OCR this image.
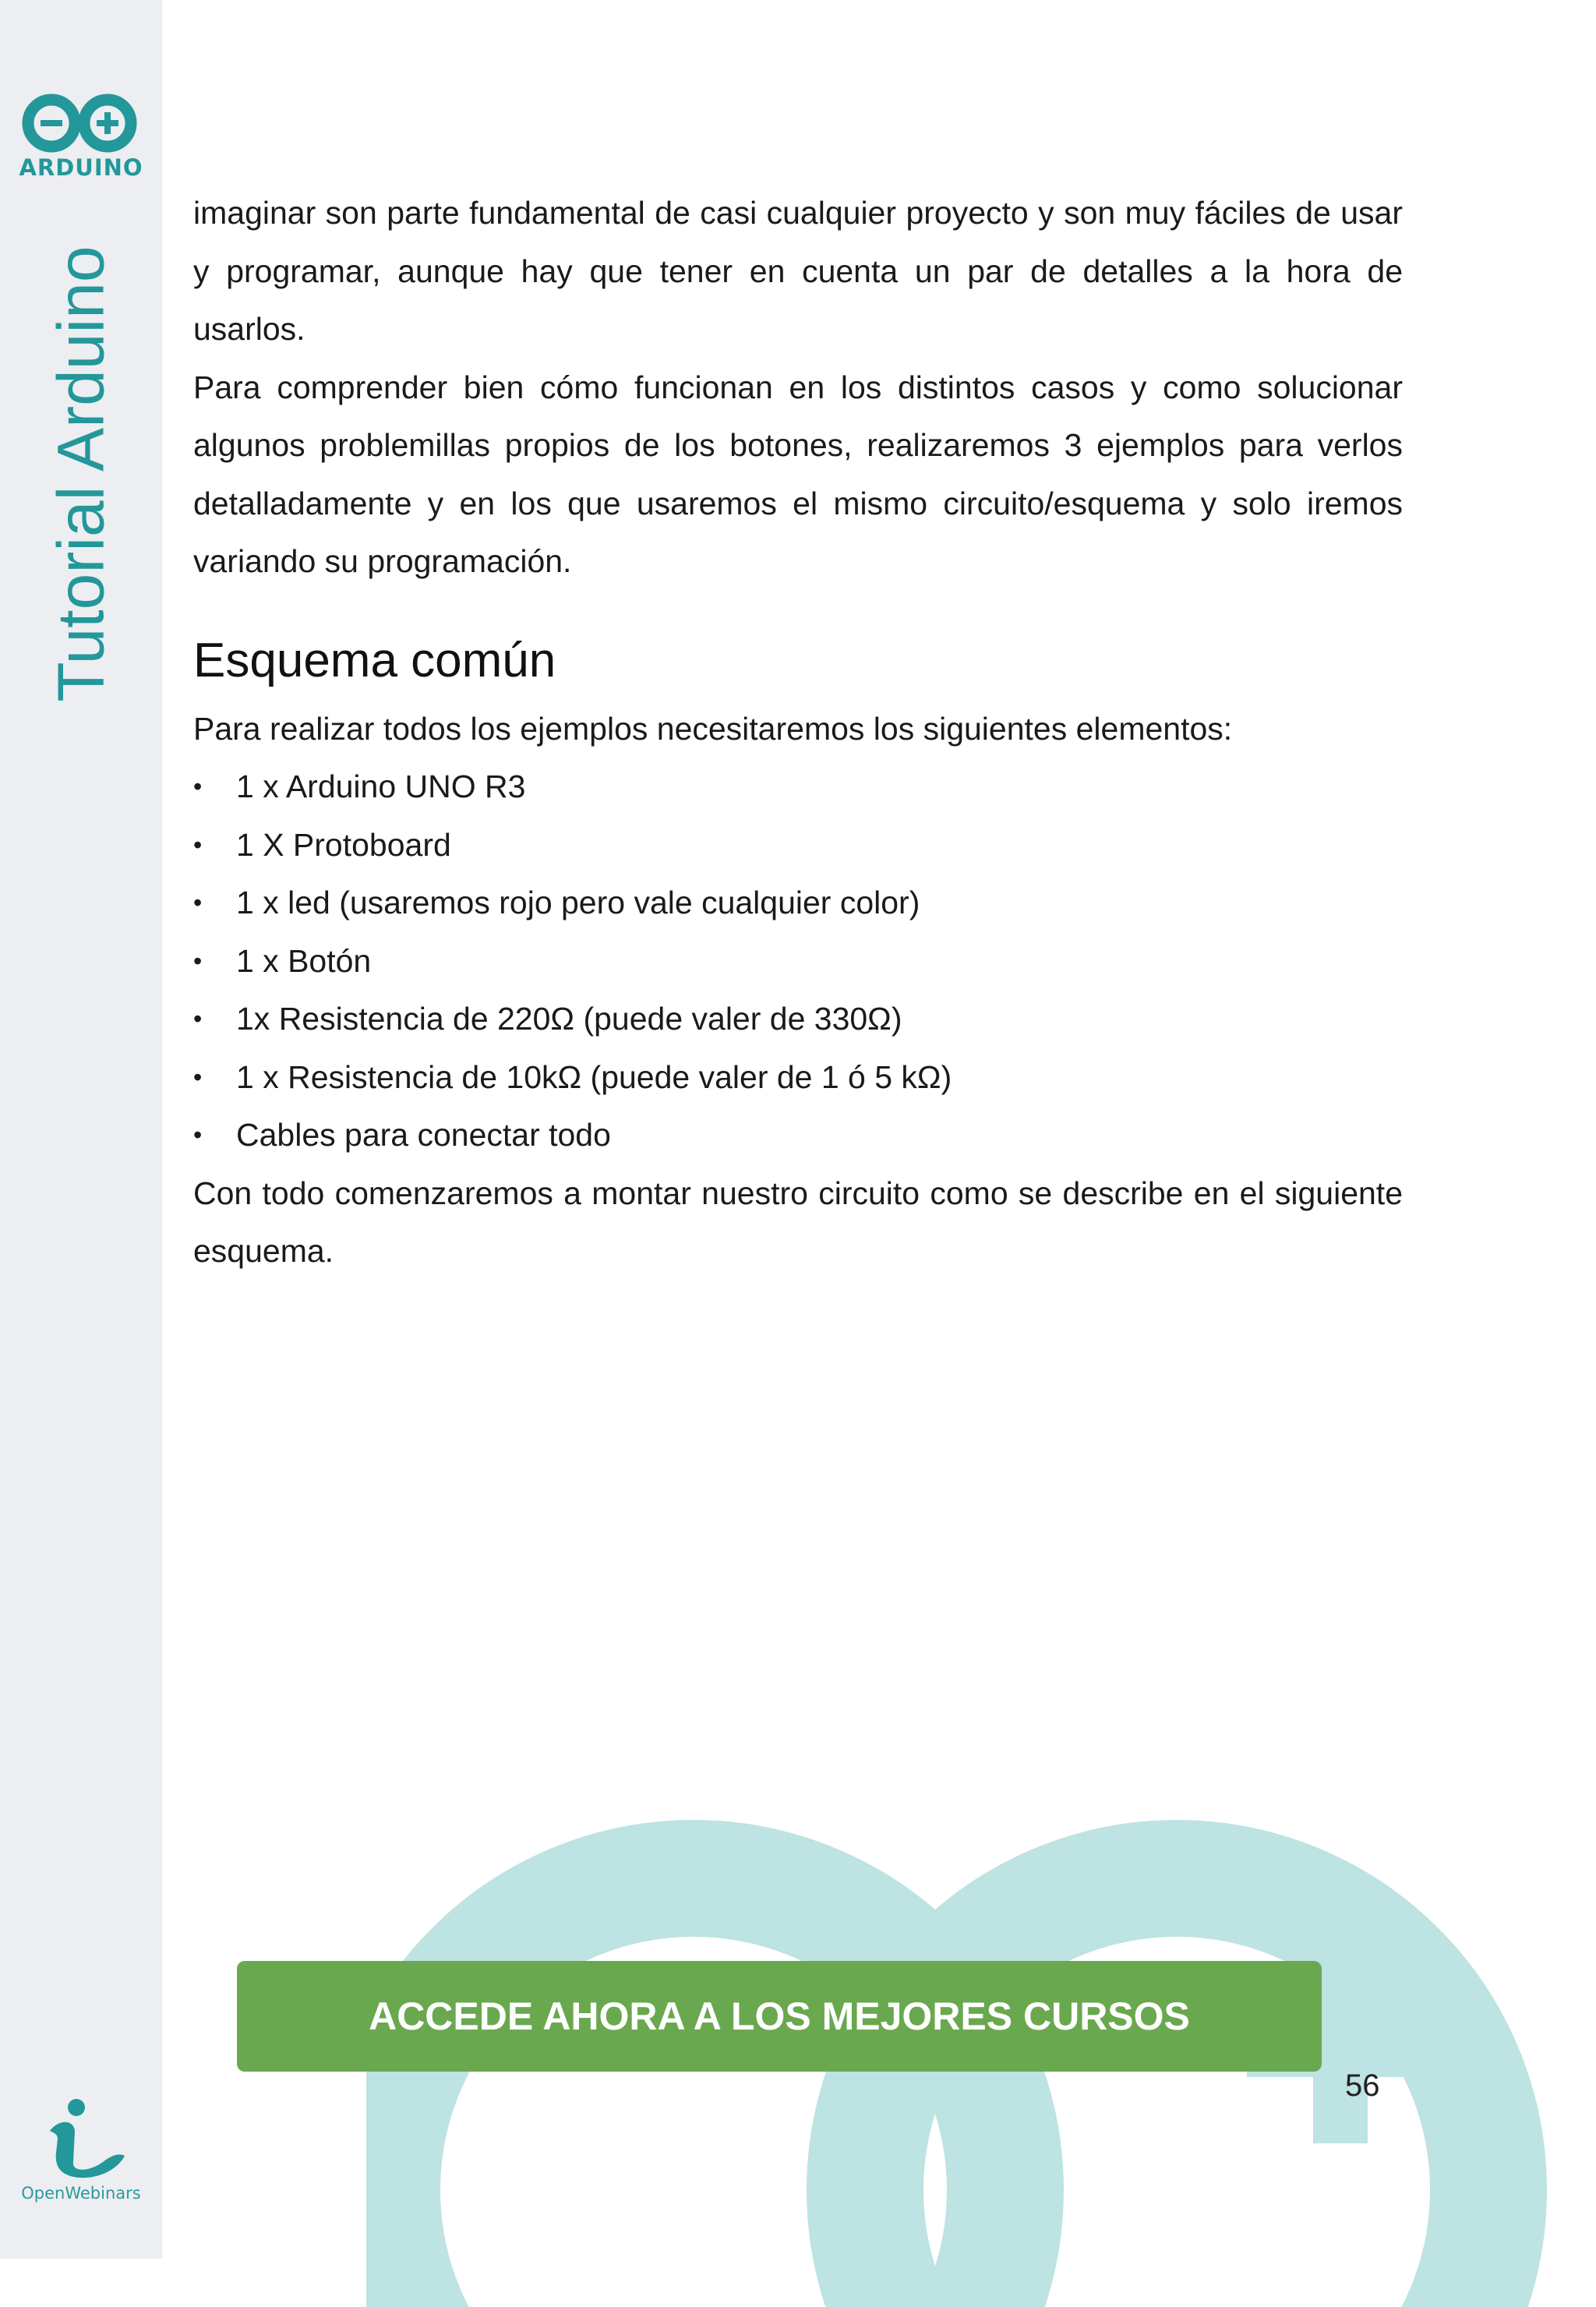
ARDUINO
Tutorial Arduino
OpenWebinars

imaginar son parte fundamental de casi cualquier proyecto y son muy fáciles de usar y programar, aunque hay que tener en cuenta un par de detalles a la hora de usarlos.

Para comprender bien cómo funcionan en los distintos casos y como solucionar algunos problemillas propios de los botones, realizaremos 3 ejemplos para verlos detalladamente y en los que usaremos el mismo circuito/esquema y solo iremos variando su programación.

Esquema común

Para realizar todos los ejemplos necesitaremos los siguientes elementos:

• 1 x Arduino UNO R3
• 1 X Protoboard
• 1 x led (usaremos rojo pero vale cualquier color)
• 1 x Botón
• 1x Resistencia de 220Ω (puede valer de 330Ω)
• 1 x Resistencia de 10kΩ (puede valer de 1 ó 5 kΩ)
• Cables para conectar todo

Con todo comenzaremos a montar nuestro circuito como se describe en el siguiente esquema.

ACCEDE AHORA A LOS MEJORES CURSOS
56
